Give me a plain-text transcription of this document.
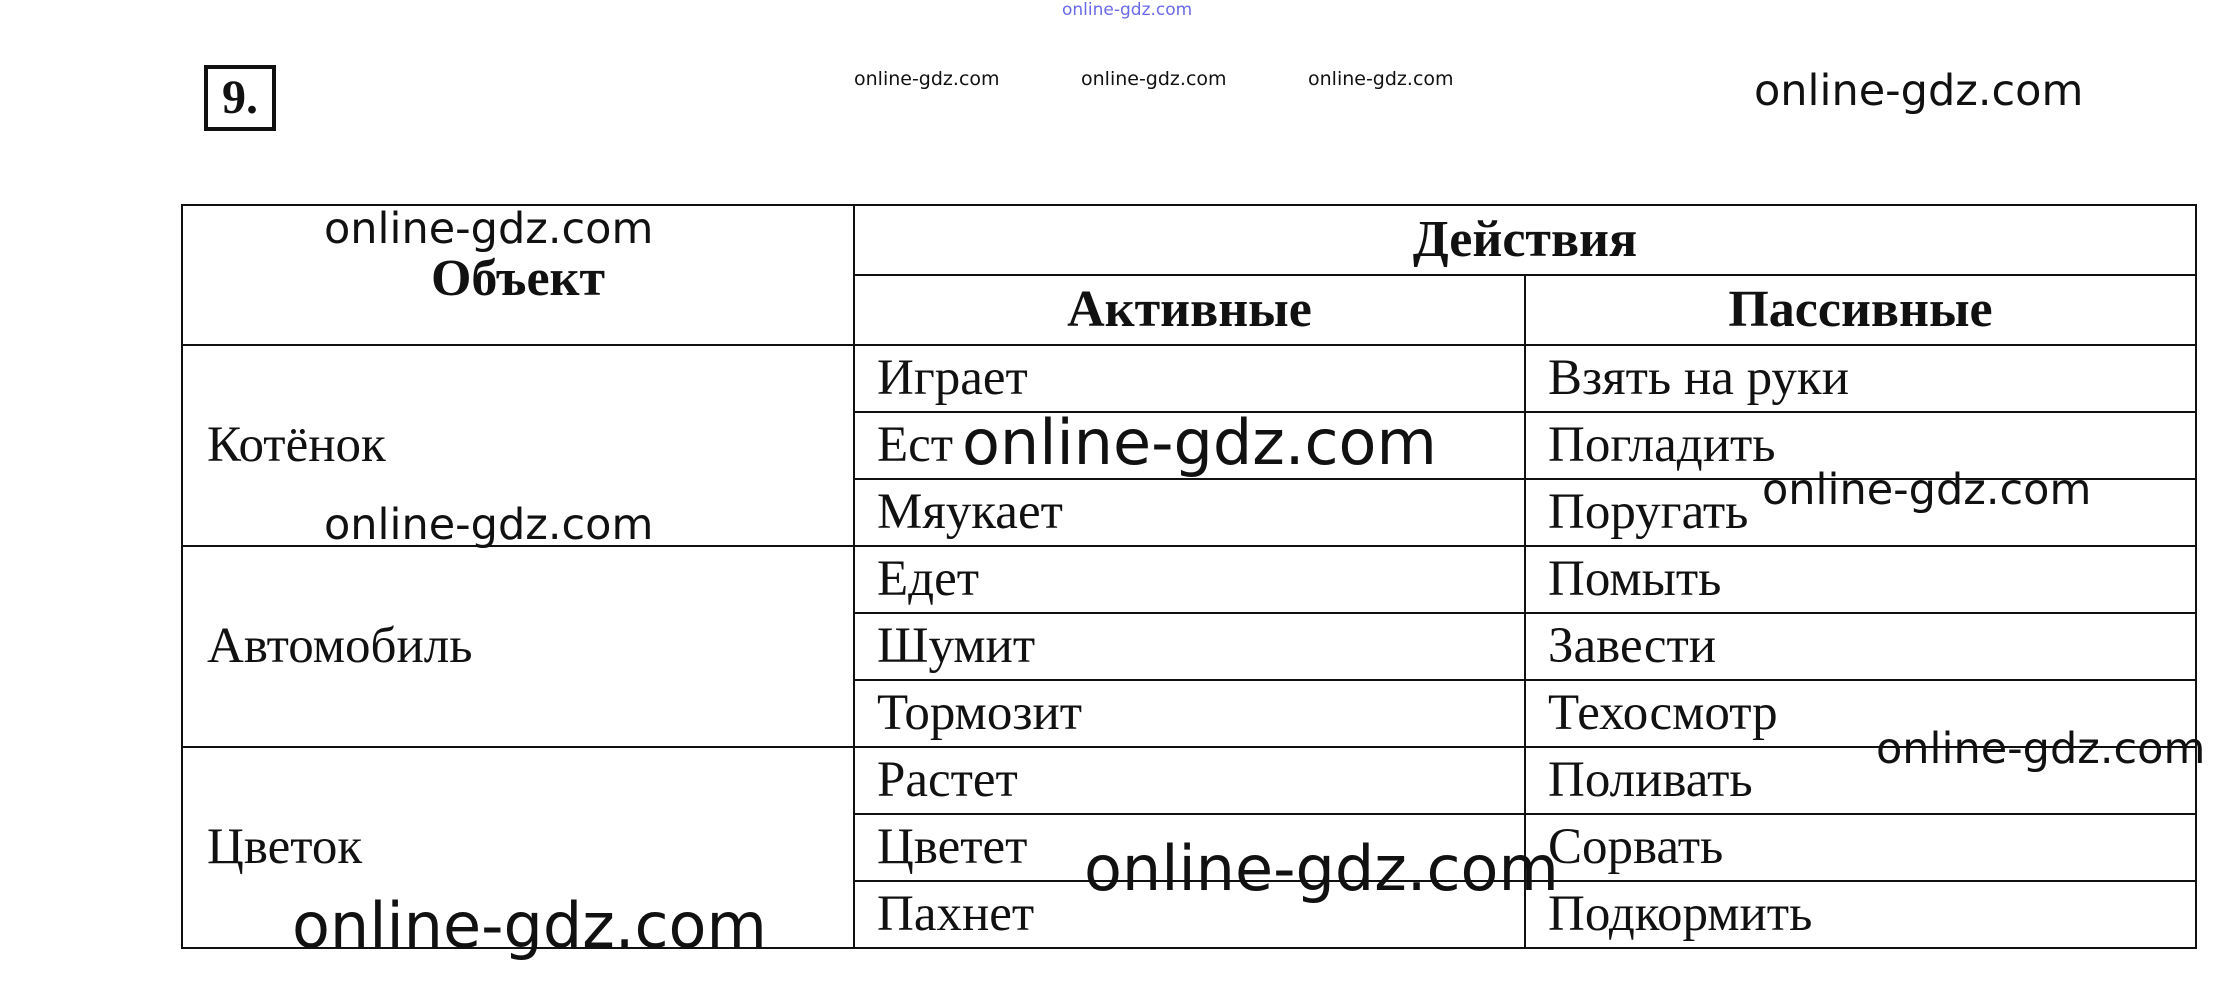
online-gdz.com
online-gdz.com	online-gdz.com	online-gdz.com	online-gdz.com
online-gdz.com
online-gdz.com
online-gdz.com
online-gdz.com
online-gdz.com
online-gdz.com
online-gdz.com
9.
Объект	Действия	
	Активные	Пассивные
Котёнок	Играет	Взять на руки
	Ест	Погладить
	Мяукает	Поругать
Автомобиль	Едет	Помыть
	Шумит	Завести
	Тормозит	Техосмотр
Цветок	Растет	Поливать
	Цветет	Сорвать
	Пахнет	Подкормить
